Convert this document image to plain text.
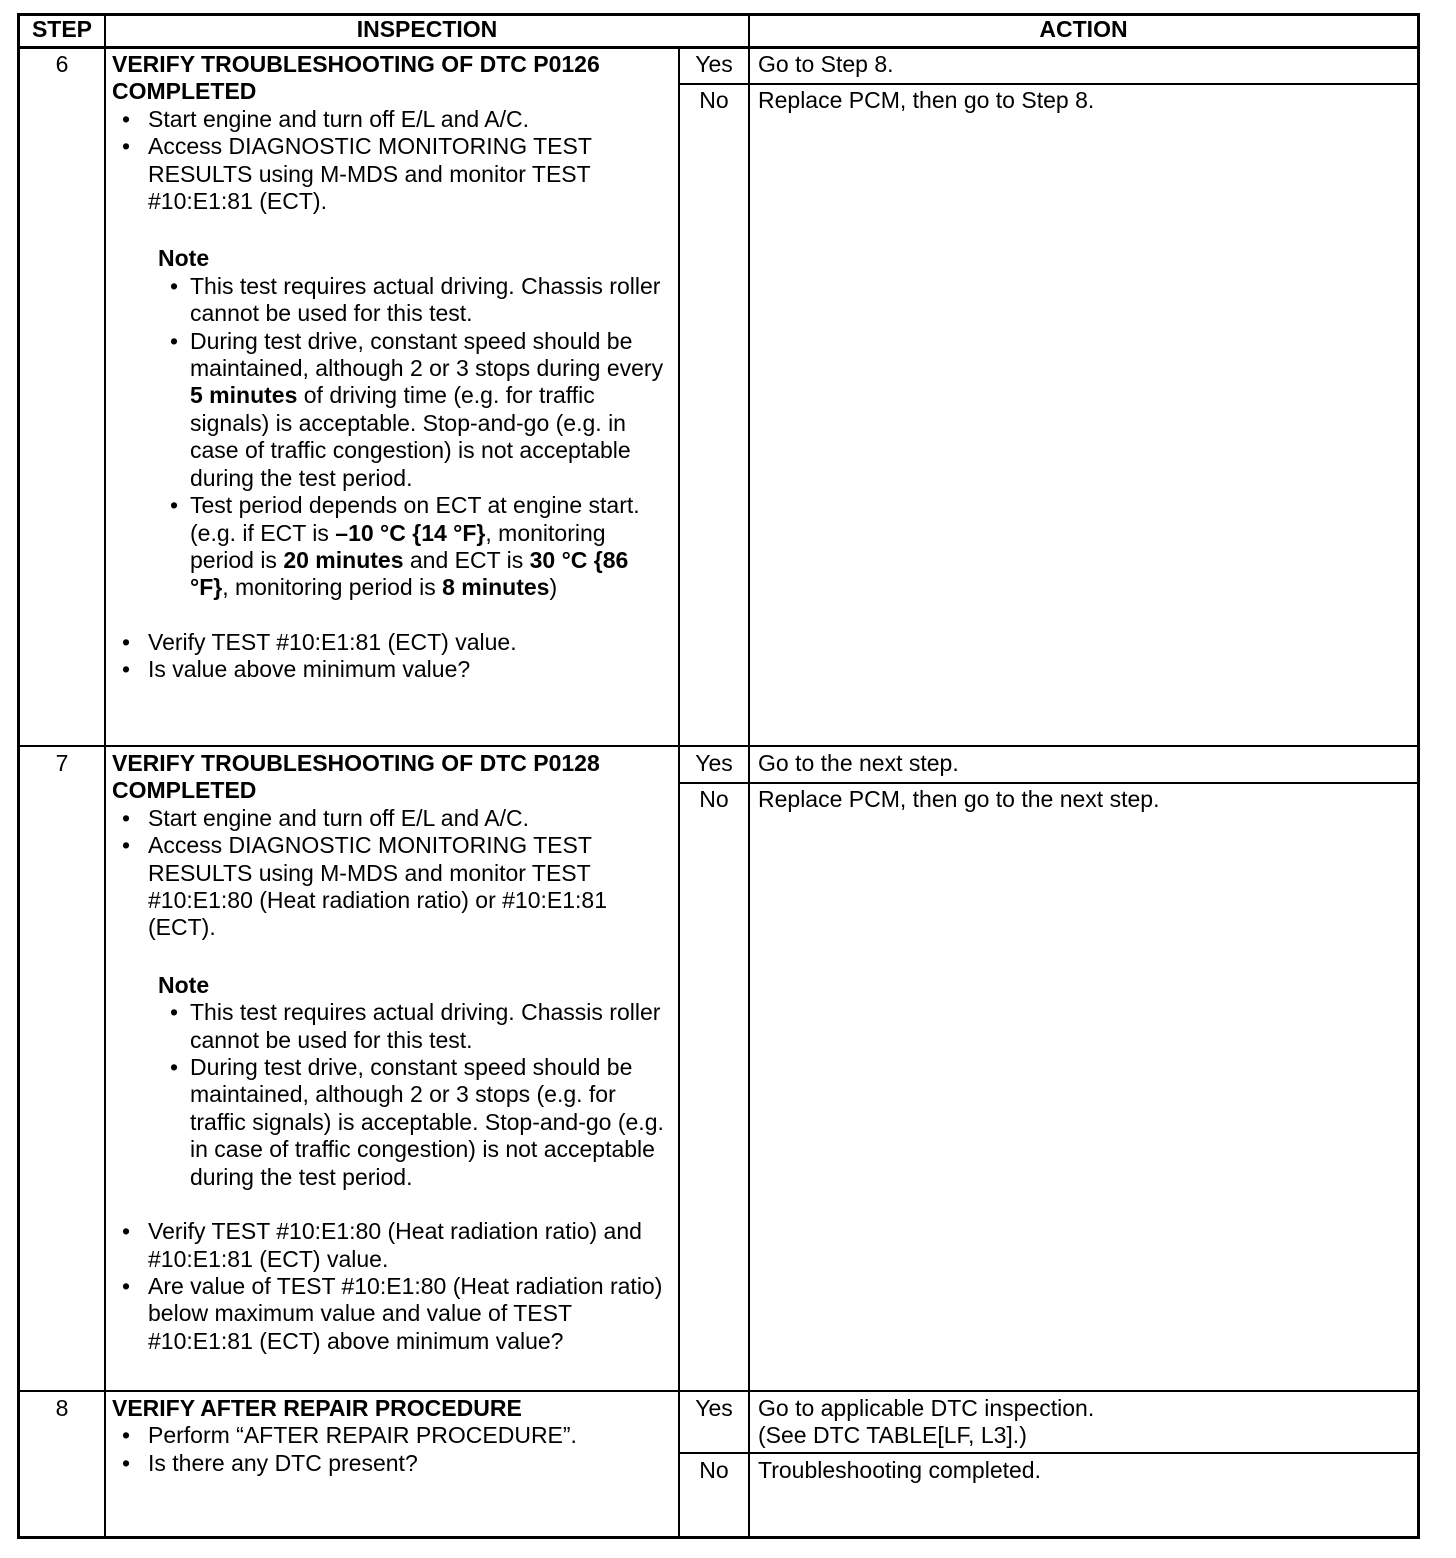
STEP	INSPECTION	ACTION
6	VERIFY TROUBLESHOOTING OF DTC P0126
COMPLETED
• Start engine and turn off E/L and A/C.
• Access DIAGNOSTIC MONITORING TEST RESULTS using M-MDS and monitor TEST #10:E1:81 (ECT).
Note
• This test requires actual driving. Chassis roller cannot be used for this test.
• During test drive, constant speed should be maintained, although 2 or 3 stops during every 5 minutes of driving time (e.g. for traffic signals) is acceptable. Stop-and-go (e.g. in case of traffic congestion) is not acceptable during the test period.
• Test period depends on ECT at engine start. (e.g. if ECT is –10 °C {14 °F}, monitoring period is 20 minutes and ECT is 30 °C {86 °F}, monitoring period is 8 minutes)
• Verify TEST #10:E1:81 (ECT) value.
• Is value above minimum value?
Yes	Go to Step 8.
No	Replace PCM, then go to Step 8.
7	VERIFY TROUBLESHOOTING OF DTC P0128
COMPLETED
• Start engine and turn off E/L and A/C.
• Access DIAGNOSTIC MONITORING TEST RESULTS using M-MDS and monitor TEST #10:E1:80 (Heat radiation ratio) or #10:E1:81 (ECT).
Note
• This test requires actual driving. Chassis roller cannot be used for this test.
• During test drive, constant speed should be maintained, although 2 or 3 stops (e.g. for traffic signals) is acceptable. Stop-and-go (e.g. in case of traffic congestion) is not acceptable during the test period.
• Verify TEST #10:E1:80 (Heat radiation ratio) and #10:E1:81 (ECT) value.
• Are value of TEST #10:E1:80 (Heat radiation ratio) below maximum value and value of TEST #10:E1:81 (ECT) above minimum value?
Yes	Go to the next step.
No	Replace PCM, then go to the next step.
8	VERIFY AFTER REPAIR PROCEDURE
• Perform “AFTER REPAIR PROCEDURE”.
• Is there any DTC present?
Yes	Go to applicable DTC inspection.
(See DTC TABLE[LF, L3].)
No	Troubleshooting completed.
